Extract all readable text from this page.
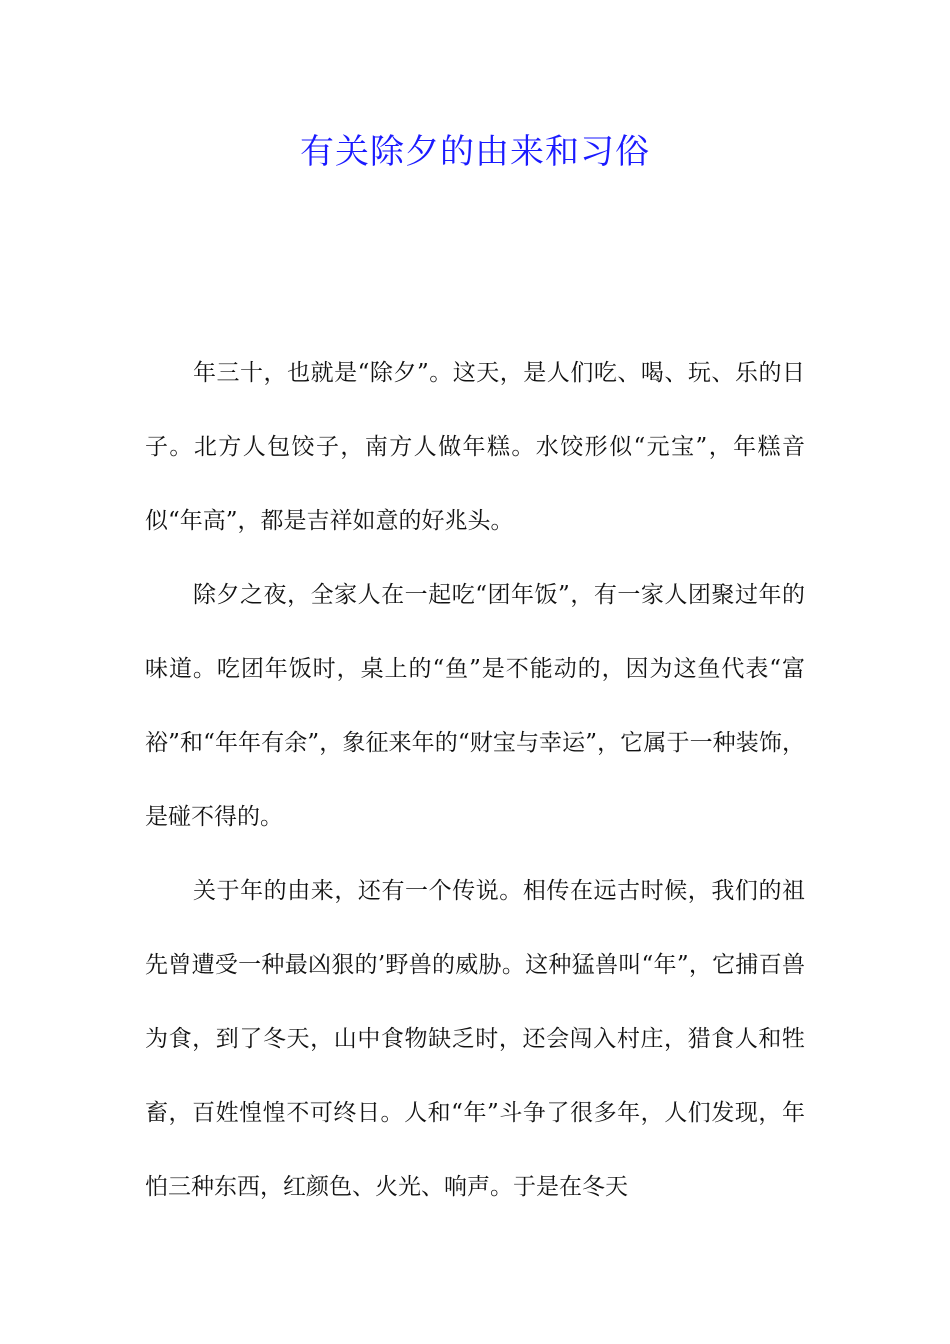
有关除夕的由来和习俗

年三十，也就是“除夕”。这天，是人们吃、喝、玩、乐的日子。北方人包饺子，南方人做年糕。水饺形似“元宝”，年糕音似“年高”，都是吉祥如意的好兆头。

除夕之夜，全家人在一起吃“团年饭”，有一家人团聚过年的味道。吃团年饭时，桌上的“鱼”是不能动的，因为这鱼代表“富裕”和“年年有余”，象征来年的“财宝与幸运”，它属于一种装饰，是碰不得的。

关于年的由来，还有一个传说。相传在远古时候，我们的祖先曾遭受一种最凶狠的’野兽的威胁。这种猛兽叫“年”，它捕百兽为食，到了冬天，山中食物缺乏时，还会闯入村庄，猎食人和牲畜，百姓惶惶不可终日。人和“年”斗争了很多年，人们发现，年怕三种东西，红颜色、火光、响声。于是在冬天
